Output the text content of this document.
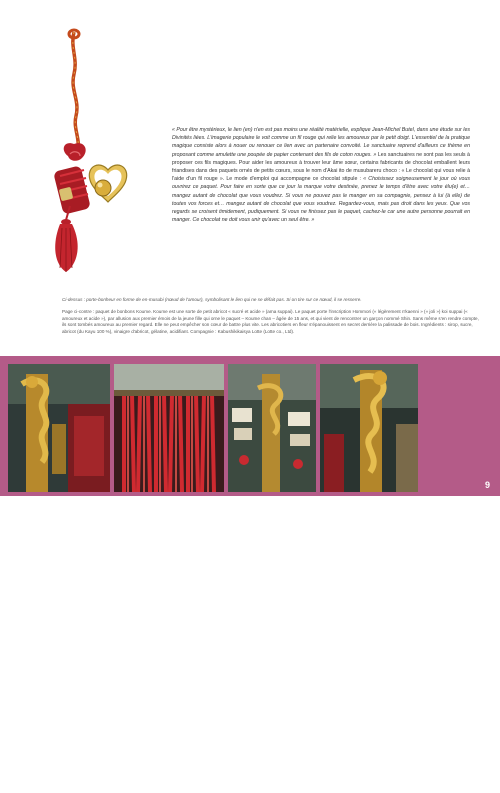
« Pour être mystérieux, le lien (en) n'en est pas moins une réalité matérielle, explique Jean-Michel Butel, dans une étude sur les Divinités liées. L'imagerie populaire le voit comme un fil rouge qui relie les amoureux par le petit doigt. L'essentiel de la pratique magique consiste alors à nouer ou renouer ce lien avec un partenaire convoité. Le sanctuaire reprend d'ailleurs ce thème en proposant comme amulette une poupée de papier contenant des fils de coton rouges. » Les sanctuaires ne sont pas les seuls à proposer ces fils magiques. Pour aider les amoureux à trouver leur âme sœur, certains fabricants de chocolat emballent leurs friandises dans des paquets ornés de petits cœurs, sous le nom d'Akai ito de musubareru choco : « Le chocolat qui vous relie à l'aide d'un fil rouge ». Le mode d'emploi qui accompagne ce chocolat stipule : « Choisissez soigneusement le jour où vous ouvrirez ce paquet. Pour faire en sorte que ce jour la marque votre destinée, prenez le temps d'être avec votre élu(e) et… mangez autant de chocolat que vous voudrez. Si vous ne pouvez pas le manger en sa compagnie, pensez à lui (à elle) de toutes vos forces et… mangez autant de chocolat que vous voudrez. Regardez-vous, mais pas droit dans les yeux. Que vos regards se croisent timidement, pudiquement. Si vous ne finissez pas le paquet, cachez-le car une autre personne pourrait en manger. Ce chocolat ne doit vous unir qu'avec un seul être. »

Ci-dessus : porte-bonheur en forme de en-musubi (nœud de l'amour), symbolisant le lien qui ne se défait pas. Si on tire sur ce nœud, il se resserre.

Page ci-contre : paquet de bonbons Koume. Koume est une sorte de petit abricot « sucré et acide » (ama suppai). Le paquet porte l'inscription Hommori (« légèrement n'kaenni » (« joli ») koi suppai (« amoureux et acide »), par allusion aux premier émois de la jeune fille qui orne le paquet – Koume chan – âgée de 15 ans, et qui vient de rencontrer un garçon nommé Shin. Sans même s'en rendre compte, ils sont tombés amoureux au premier regard. Elle ne peut empêcher son cœur de battre plus vite. Les abricotiers en fleur s'épanouissent en secret derrière la palissade de bois. Ingrédients : sirop, sucre, abricot (du Kayu 100 %), vinaigre d'abricot, gélatine, acidifiant. Compagnie : Kabushikikaisya Lotte (Lotte co., Ltd).

Quand les adolescents cherchent l'amour, ils vont au Mont Takao, sanctuaire dédié au tengu (créature phallique) et aux histoires de cœur, pour nouer des prières ardentes sur le thème du fil rouge. « Aidez-moi à trouver le bon lien, s'il vous plaît. »

9
